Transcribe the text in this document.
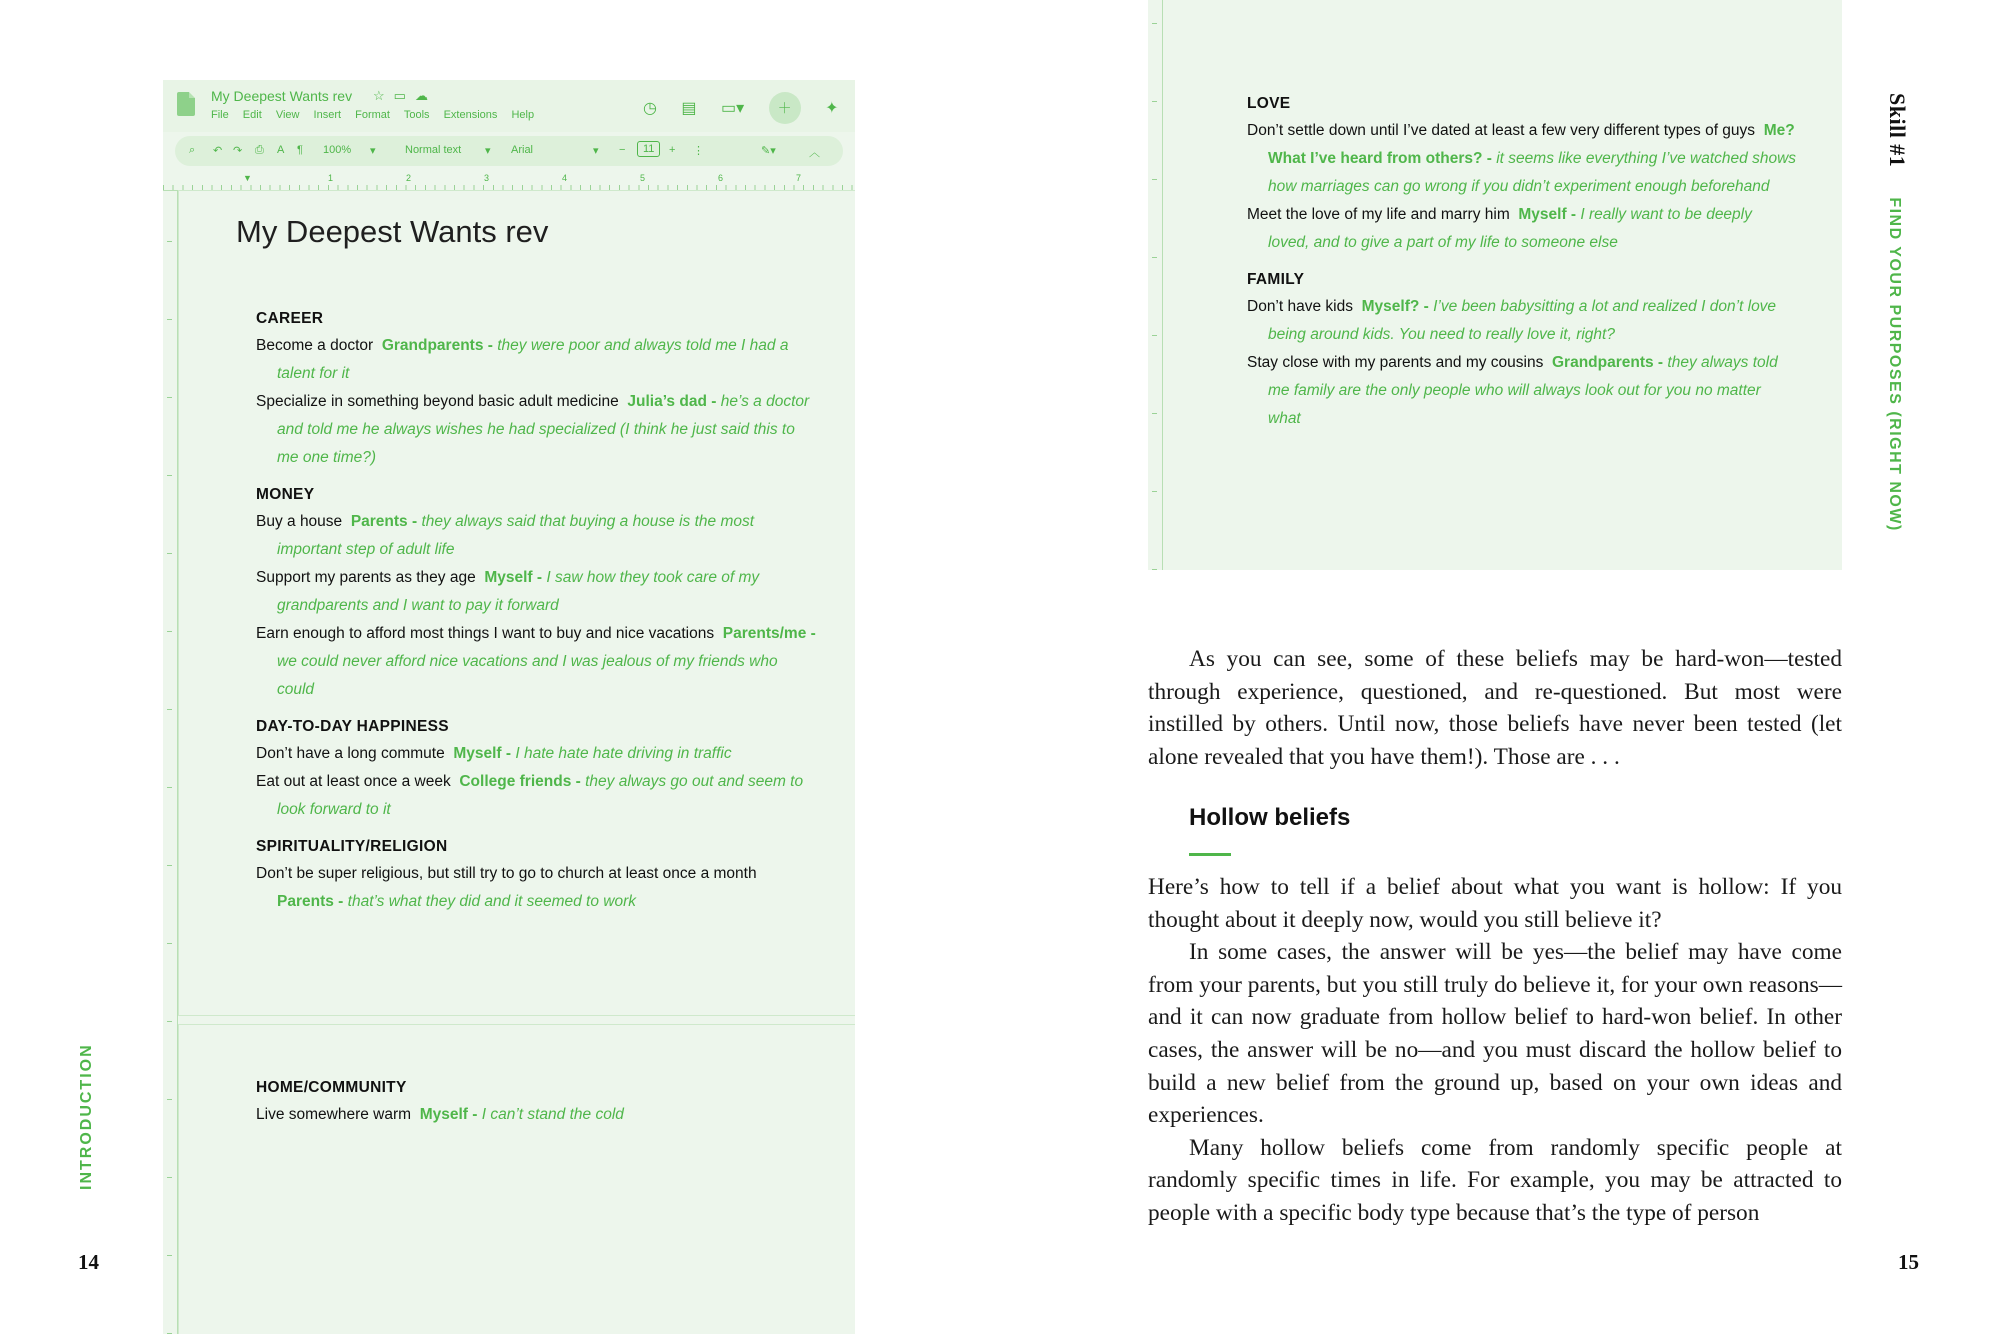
My Deepest Wants rev ☆▭☁
File Edit View Insert Format Tools Extensions Help	◷ ▤ ▭▾ ＋ ✦
⌕ ↶ ↷ ⎙ A ¶ 100% ▾	Normal text ▾ Arial	▾ −	11	+ ⋮	✎▾	︿
▼	1	2	3	4	5	6	7
My Deepest Wants rev
CAREER
Become a doctor Grandparents - they were poor and always told me I had a talent for it
Specialize in something beyond basic adult medicine Julia’s dad - he’s a doctor and told me he always wishes he had specialized (I think he just said this to me one time?)
MONEY
Buy a house Parents - they always said that buying a house is the most important step of adult life
Support my parents as they age Myself - I saw how they took care of my grandparents and I want to pay it forward
Earn enough to afford most things I want to buy and nice vacations Parents/me - we could never afford nice vacations and I was jealous of my friends who could
DAY-TO-DAY HAPPINESS
Don’t have a long commute Myself - I hate hate hate driving in traffic
Eat out at least once a week College friends - they always go out and seem to look forward to it
SPIRITUALITY/RELIGION
Don’t be super religious, but still try to go to church at least once a month  Parents - that’s what they did and it seemed to work
HOME/COMMUNITY
Live somewhere warm Myself - I can’t stand the cold
LOVE
Don’t settle down until I’ve dated at least a few very different types of guys Me? What I’ve heard from others? - it seems like everything I’ve watched shows how marriages can go wrong if you didn’t experiment enough beforehand
Meet the love of my life and marry him Myself - I really want to be deeply loved, and to give a part of my life to someone else
FAMILY
Don’t have kids Myself? - I’ve been babysitting a lot and realized I don’t love being around kids. You need to really love it, right?
Stay close with my parents and my cousins Grandparents - they always told me family are the only people who will always look out for you no matter what

As you can see, some of these beliefs may be hard-won—tested through experience, questioned, and re-questioned. But most were instilled by others. Until now, those beliefs have never been tested (let alone revealed that you have them!). Those are . . .

Hollow beliefs

Here’s how to tell if a belief about what you want is hollow: If you thought about it deeply now, would you still believe it?

In some cases, the answer will be yes—the belief may have come from your parents, but you still truly do believe it, for your own reasons—and it can now graduate from hollow belief to hard-won belief. In other cases, the answer will be no—and you must discard the hollow belief to build a new belief from the ground up, based on your own ideas and experiences.

Many hollow beliefs come from randomly specific people at randomly specific times in life. For example, you may be attracted to people with a specific body type because that’s the type of person

INTRODUCTION
14	15
Skill #1FIND YOUR PURPOSES (RIGHT NOW)
